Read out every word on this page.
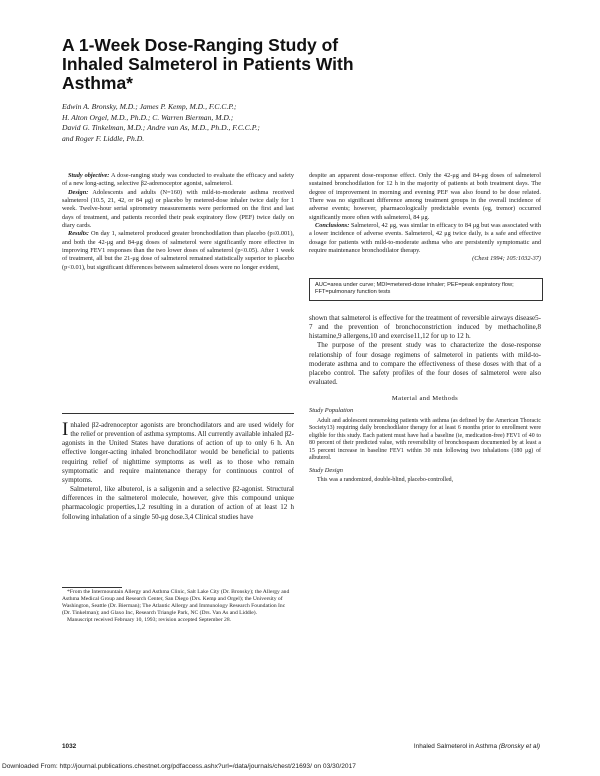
A 1-Week Dose-Ranging Study of
Inhaled Salmeterol in Patients With
Asthma*
Edwin A. Bronsky, M.D.; James P. Kemp, M.D., F.C.C.P.;
H. Alton Orgel, M.D., Ph.D.; C. Warren Bierman, M.D.;
David G. Tinkelman, M.D.; Andre van As, M.D., Ph.D., F.C.C.P.;
and Roger F. Liddle, Ph.D.

Study objective: A dose-ranging study was conducted to evaluate the efficacy and safety of a new long-acting, selective β2-adrenoceptor agonist, salmeterol.

Design: Adolescents and adults (N=160) with mild-to-moderate asthma received salmeterol (10.5, 21, 42, or 84 μg) or placebo by metered-dose inhaler twice daily for 1 week. Twelve-hour serial spirometry measurements were performed on the first and last days of treatment, and patients recorded their peak expiratory flow (PEF) twice daily on diary cards.

Results: On day 1, salmeterol produced greater bronchodilation than placebo (p≤0.001), and both the 42-μg and 84-μg doses of salmeterol were significantly more effective in improving FEV1 responses than the two lower doses of salmeterol (p<0.05). After 1 week of treatment, all but the 21-μg dose of salmeterol remained statistically superior to placebo (p<0.01), but significant differences between salmeterol doses were no longer evident,

despite an apparent dose-response effect. Only the 42-μg and 84-μg doses of salmeterol sustained bronchodilation for 12 h in the majority of patients at both treatment days. The degree of improvement in morning and evening PEF was also found to be dose related. There was no significant difference among treatment groups in the overall incidence of adverse events; however, pharmacologically predictable events (eg, tremor) occurred significantly more often with salmeterol, 84 μg.

Conclusions: Salmeterol, 42 μg, was similar in efficacy to 84 μg but was associated with a lower incidence of adverse events. Salmeterol, 42 μg twice daily, is a safe and effective dosage for patients with mild-to-moderate asthma who are persistently symptomatic and require maintenance bronchodilator therapy.

(Chest 1994; 105:1032-37)

AUC=area under curve; MDI=metered-dose inhaler; PEF=peak expiratory flow; FFT=pulmonary function tests

Inhaled β2-adrenoceptor agonists are bronchodilators and are used widely for the relief or prevention of asthma symptoms. All currently available inhaled β2-agonists in the United States have durations of action of up to only 6 h. An effective longer-acting inhaled bronchodilator would be beneficial to patients requiring relief of nighttime symptoms as well as to those who remain symptomatic and require maintenance therapy for continuous control of symptoms.

Salmeterol, like albuterol, is a saligenin and a selective β2-agonist. Structural differences in the salmeterol molecule, however, give this compound unique pharmacologic properties,1,2 resulting in a duration of action of at least 12 h following inhalation of a single 50-μg dose.3,4 Clinical studies have

*From the Intermountain Allergy and Asthma Clinic, Salt Lake City (Dr. Bronsky); the Allergy and Asthma Medical Group and Research Center, San Diego (Drs. Kemp and Orgel); the University of Washington, Seattle (Dr. Bierman); The Atlantic Allergy and Immunology Research Foundation Inc (Dr. Tinkelman); and Glaxo Inc, Research Triangle Park, NC (Drs. Van As and Liddle).

Manuscript received February 10, 1993; revision accepted September 28.

shown that salmeterol is effective for the treatment of reversible airways disease5-7 and the prevention of bronchoconstriction induced by methacholine,8 histamine,9 allergens,10 and exercise11,12 for up to 12 h.

The purpose of the present study was to characterize the dose-response relationship of four dosage regimens of salmeterol in patients with mild-to-moderate asthma and to compare the effectiveness of these doses with that of a placebo control. The safety profiles of the four doses of salmeterol were also evaluated.

Material and Methods

Study Population

Adult and adolescent nonsmoking patients with asthma (as defined by the American Thoracic Society13) requiring daily bronchodilator therapy for at least 6 months prior to enrollment were eligible for this study. Each patient must have had a baseline (ie, medication-free) FEV1 of 40 to 80 percent of their predicted value, with reversibility of bronchospasm documented by at least a 15 percent increase in baseline FEV1 within 30 min following two inhalations (180 μg) of albuterol.

Study Design

This was a randomized, double-blind, placebo-controlled,

1032	Inhaled Salmeterol in Asthma (Bronsky et al)
Downloaded From: http://journal.publications.chestnet.org/pdfaccess.ashx?url=/data/journals/chest/21693/ on 03/30/2017
